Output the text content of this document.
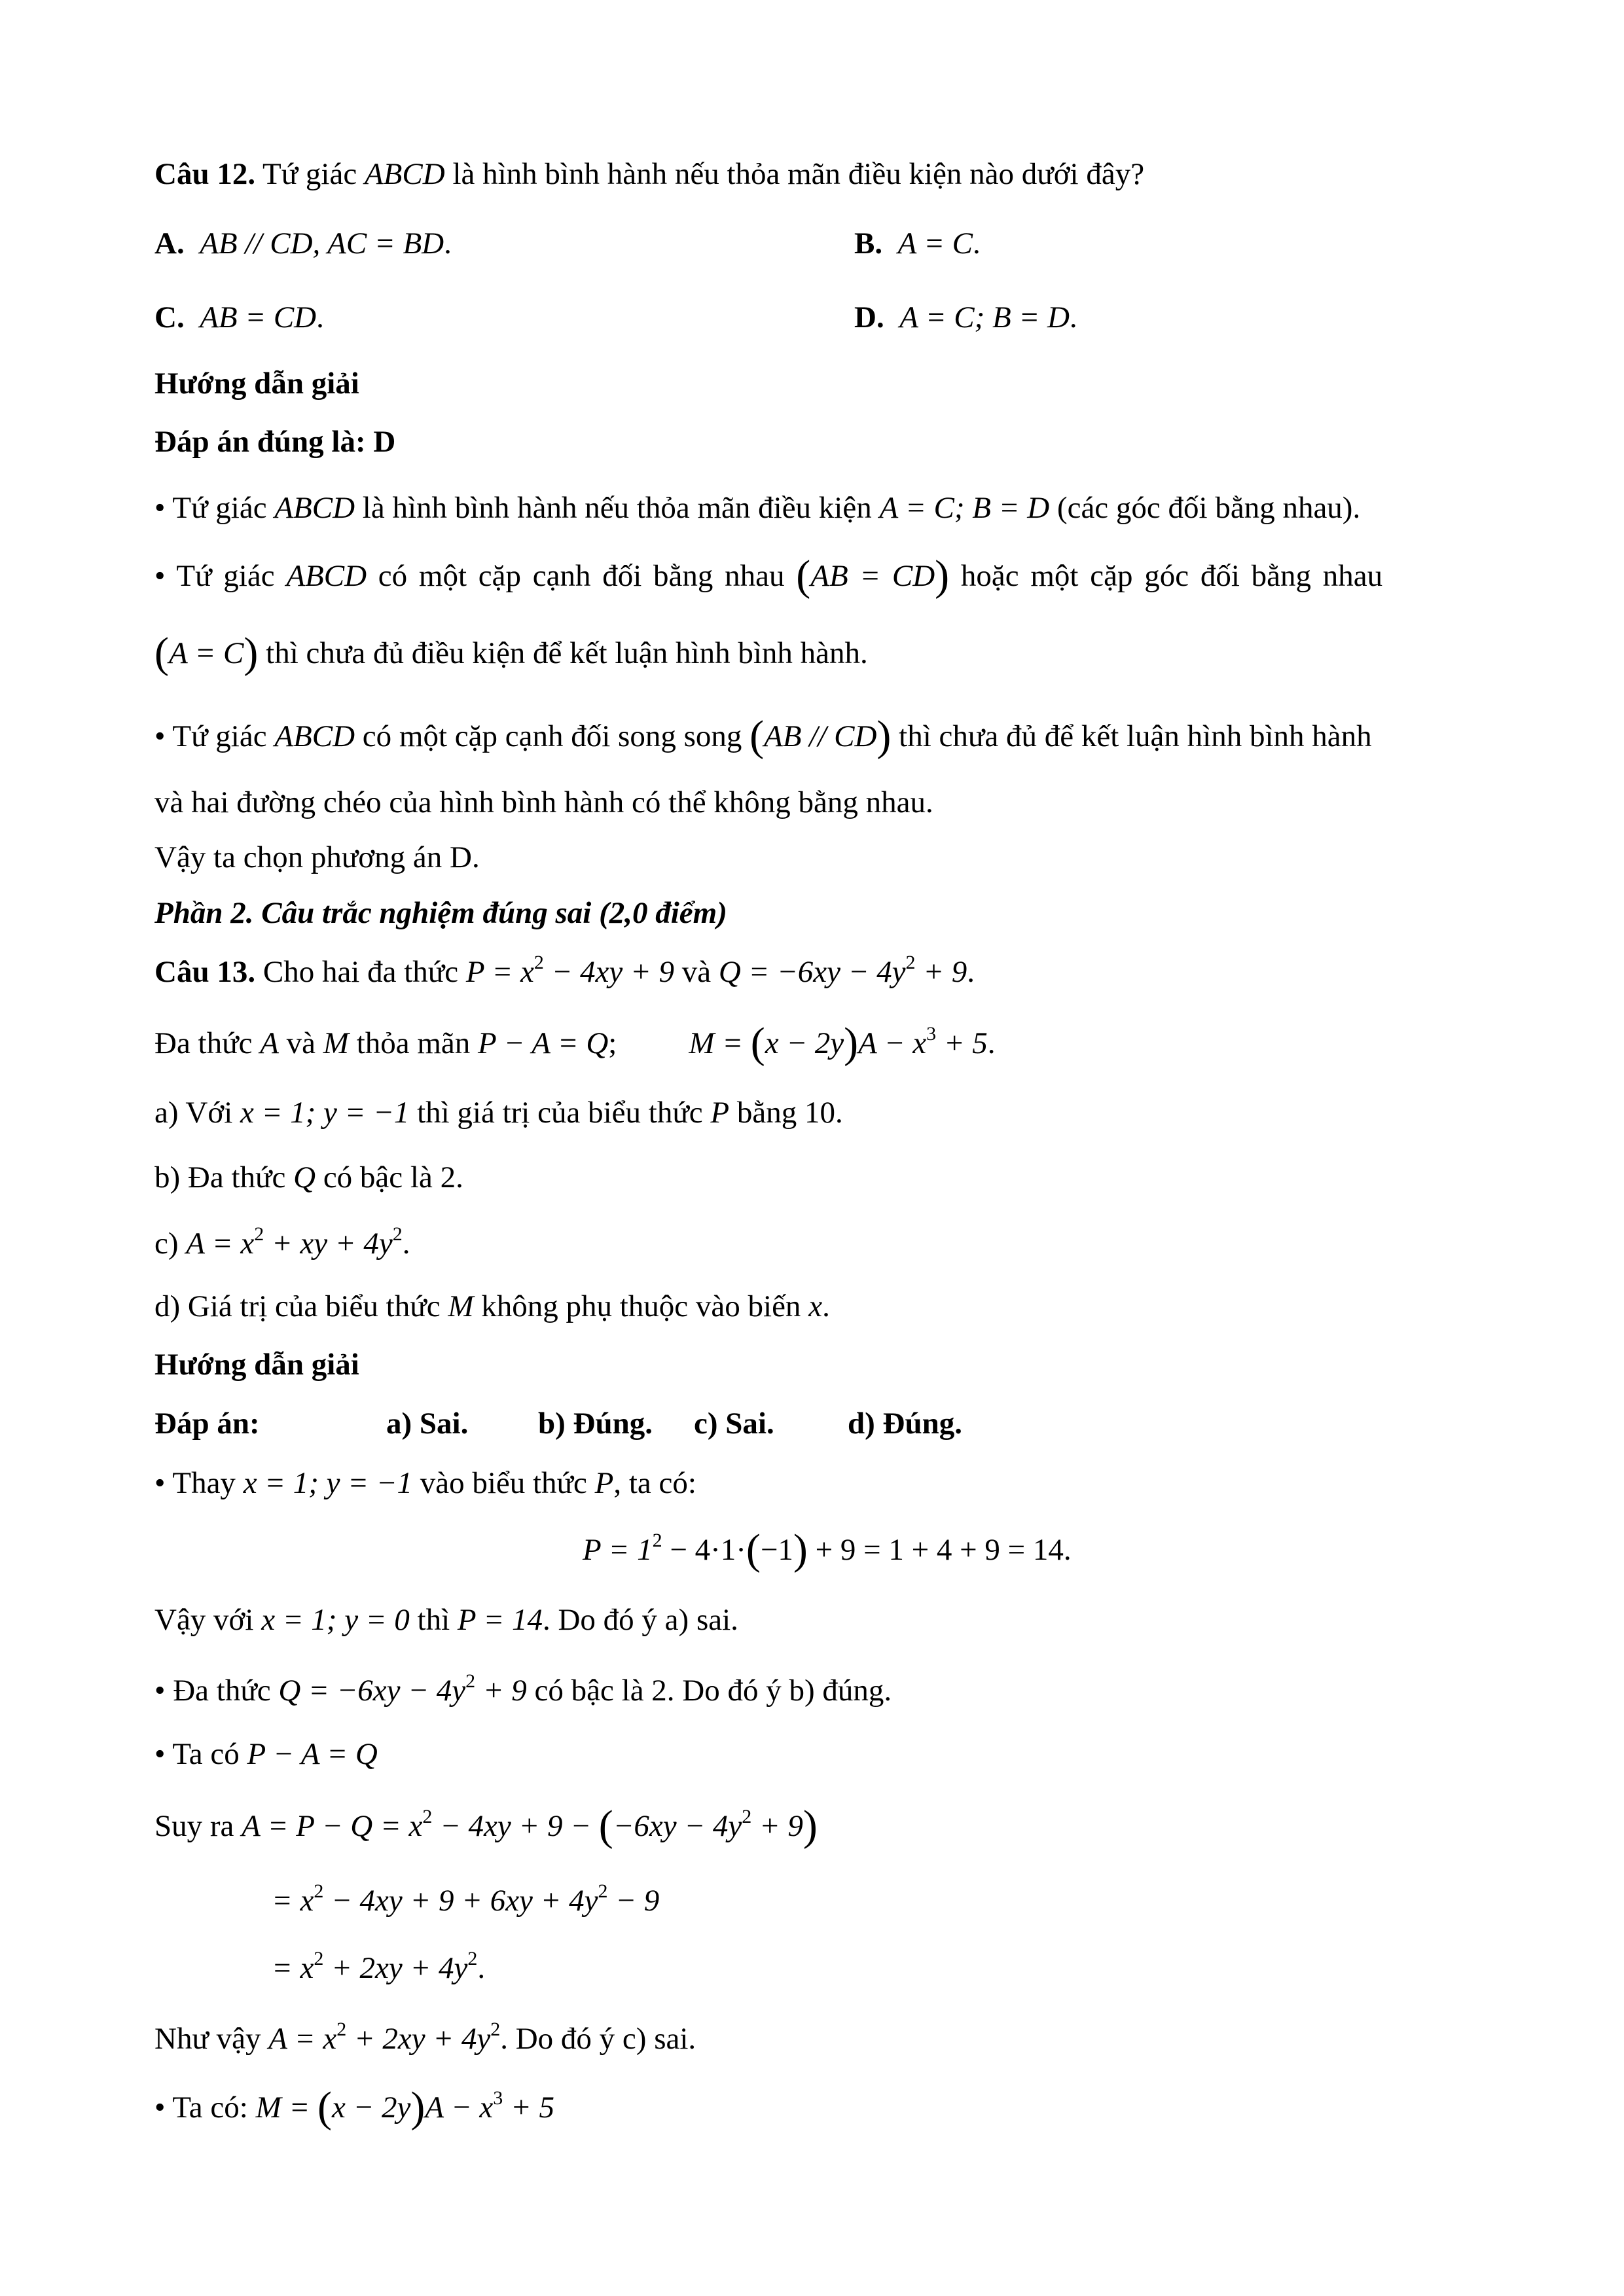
Câu 12. Tứ giác ABCD là hình bình hành nếu thỏa mãn điều kiện nào dưới đây?
A. AB // CD, AC = BD.	B. A = C.
C. AB = CD.	D. A = C; B = D.
Hướng dẫn giải
Đáp án đúng là: D
• Tứ giác ABCD là hình bình hành nếu thỏa mãn điều kiện A = C; B = D (các góc đối bằng nhau).
• Tứ giác ABCD có một cặp cạnh đối bằng nhau (AB = CD) hoặc một cặp góc đối bằng nhau
(A = C) thì chưa đủ điều kiện để kết luận hình bình hành.
• Tứ giác ABCD có một cặp cạnh đối song song (AB // CD) thì chưa đủ để kết luận hình bình hành
và hai đường chéo của hình bình hành có thể không bằng nhau.
Vậy ta chọn phương án D.
Phần 2. Câu trắc nghiệm đúng sai (2,0 điểm)
Câu 13. Cho hai đa thức $P = x^2 - 4xy + 9$ và $Q = -6xy - 4y^2 + 9$.
Đa thức A và M thỏa mãn P − A = Q; $M = (x - 2y)A - x^3 + 5$.
a) Với x = 1; y = −1 thì giá trị của biểu thức P bằng 10.
b) Đa thức Q có bậc là 2.
c) $A = x^2$ + xy + $4y^2$.
d) Giá trị của biểu thức M không phụ thuộc vào biến x.
Hướng dẫn giải
Đáp án:	a) Sai. b) Đúng. c) Sai. d) Đúng.
• Thay x = 1; y = −1 vào biểu thức P, ta có:
$P = 1^2 - 4\cdot 1\cdot(-1) + 9 = 1 + 4 + 9 = 14$.
Vậy với x = 1; y = 0 thì P = 14. Do đó ý a) sai.
• Đa thức $Q = -6xy - 4y^2 + 9$ có bậc là 2. Do đó ý b) đúng.
• Ta có P − A = Q
Suy ra $A = P - Q = x^2 - 4xy + 9 - (-6xy - 4y^2 + 9)$
= $x^2 - 4xy + 9 + 6xy + 4y^2 - 9$
= $x^2 + 2xy + 4y^2$.
Như vậy $A = x^2 + 2xy + 4y^2$. Do đó ý c) sai.
• Ta có: $M = (x - 2y)A - x^3 + 5$
